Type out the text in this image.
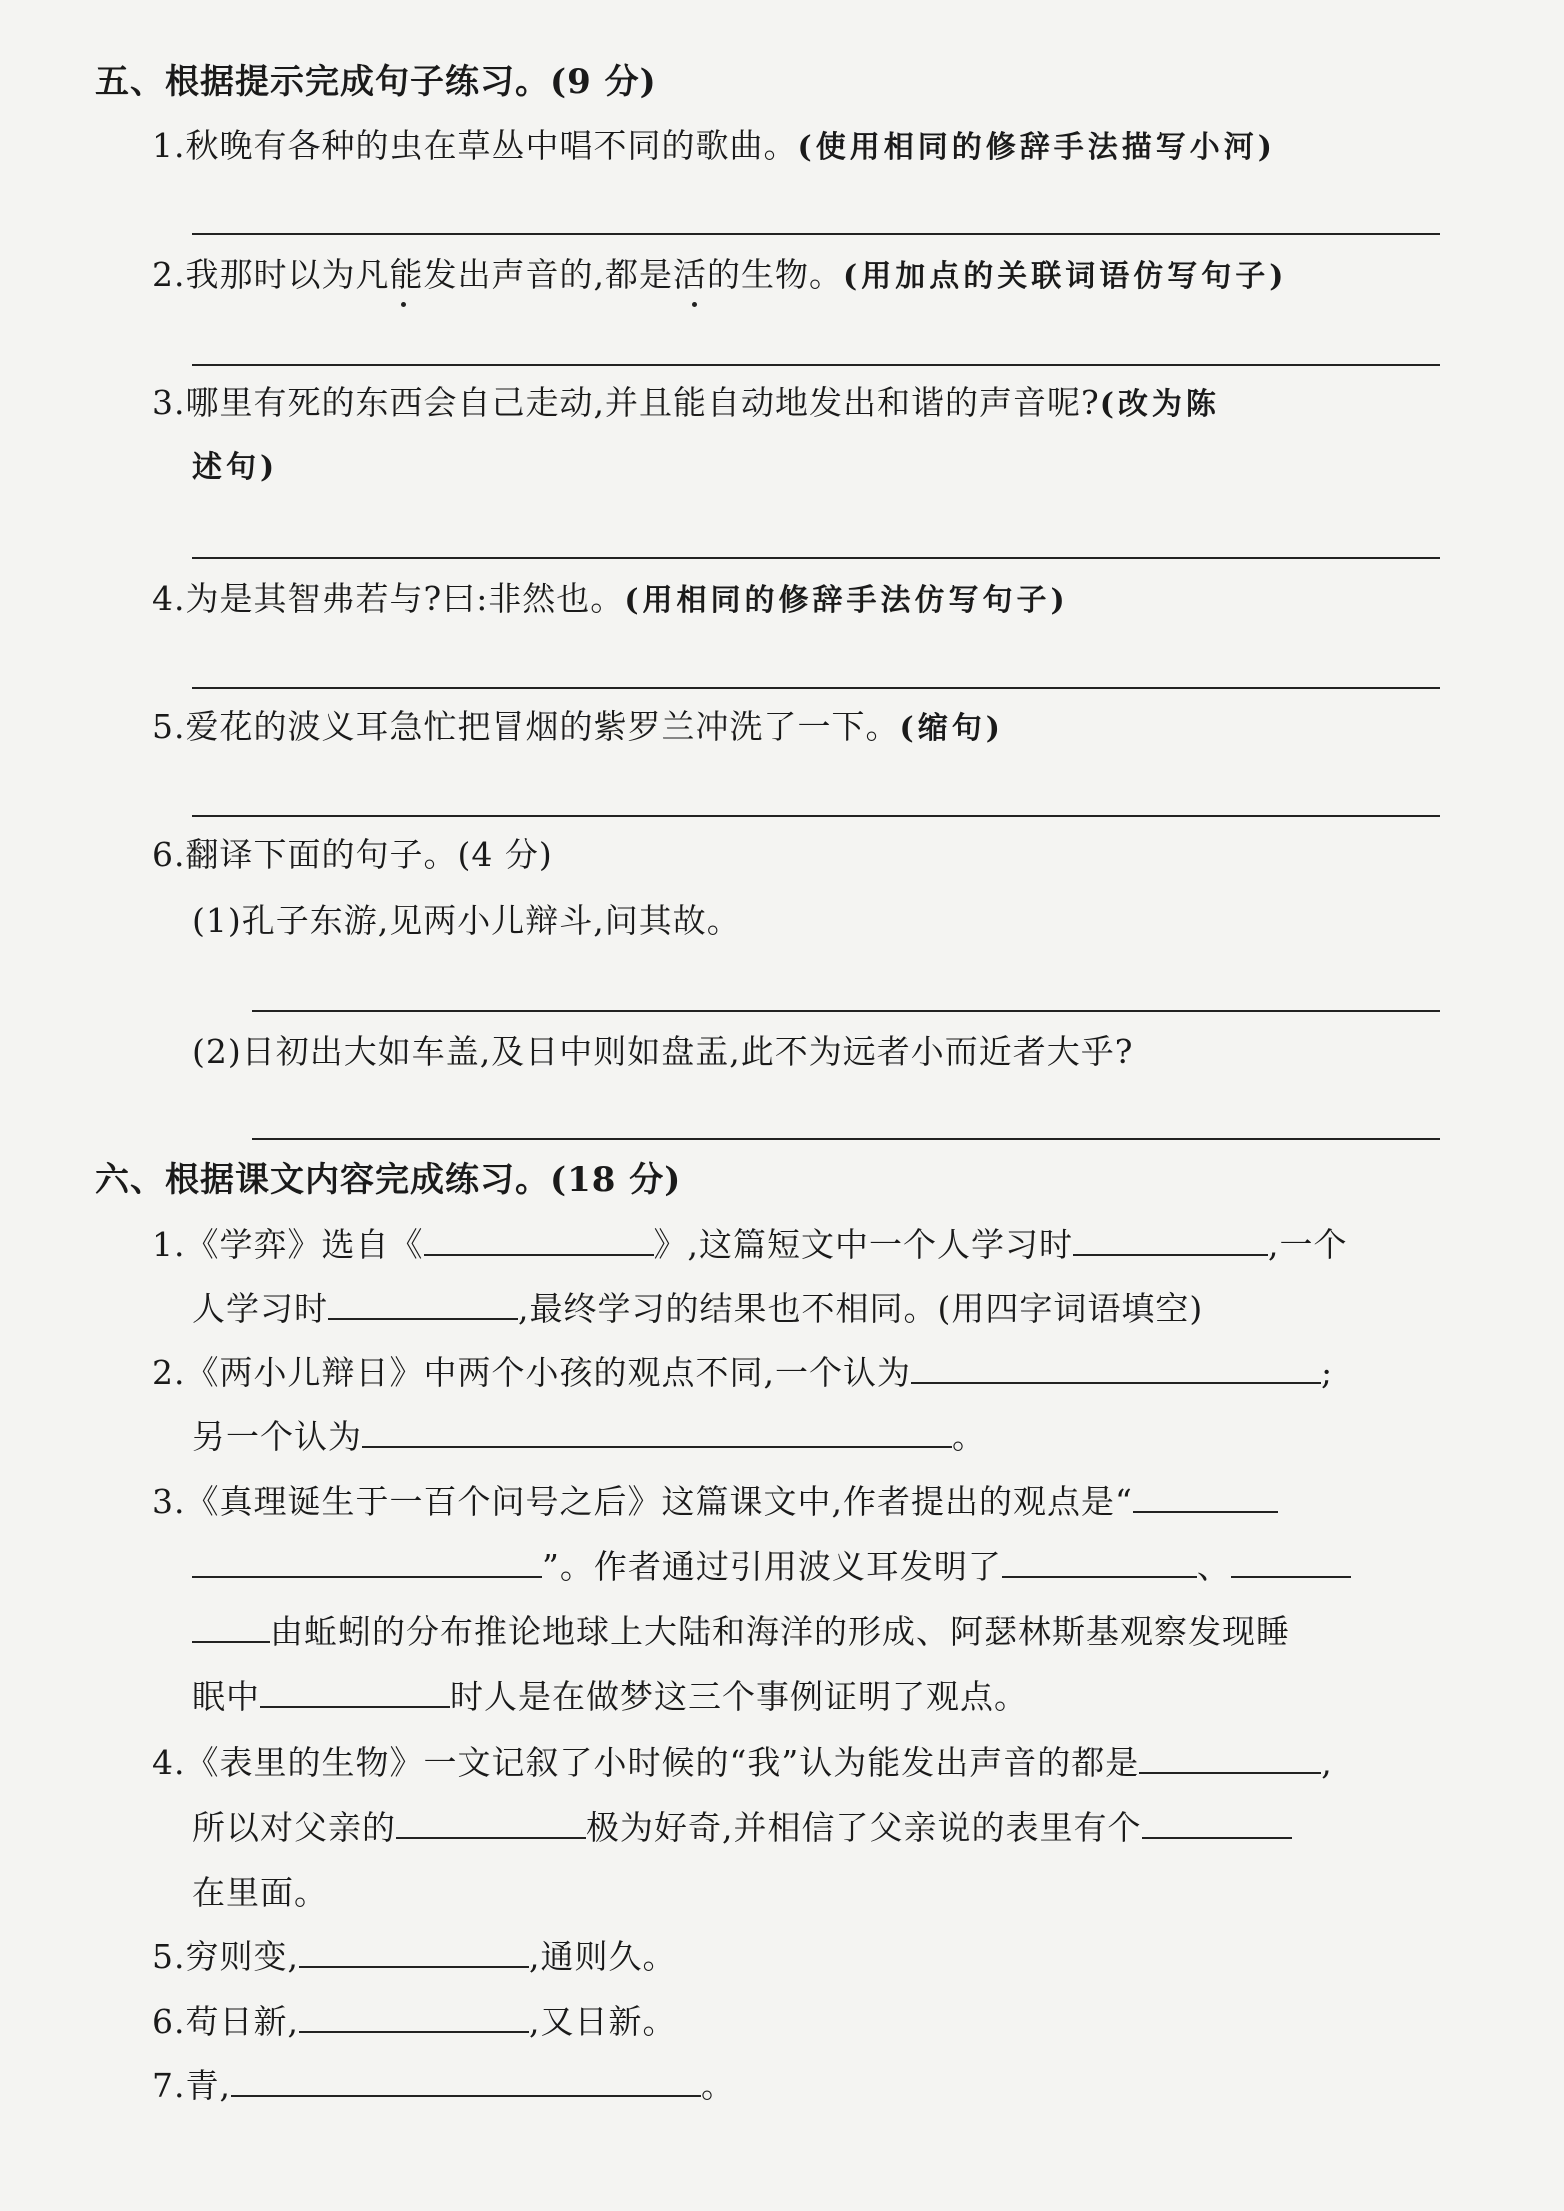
五、根据提示完成句子练习。(9 分)
1.秋晚有各种的虫在草丛中唱不同的歌曲。(使用相同的修辞手法描写小河)
2.我那时以为凡能发出声音的,都是活的生物。(用加点的关联词语仿写句子)
3.哪里有死的东西会自己走动,并且能自动地发出和谐的声音呢?(改为陈
述句)
4.为是其智弗若与?曰:非然也。(用相同的修辞手法仿写句子)
5.爱花的波义耳急忙把冒烟的紫罗兰冲洗了一下。(缩句)
6.翻译下面的句子。(4 分)
(1)孔子东游,见两小儿辩斗,问其故。
(2)日初出大如车盖,及日中则如盘盂,此不为远者小而近者大乎?
六、根据课文内容完成练习。(18 分)
1.《学弈》选自《	》,这篇短文中一个人学习时	,一个
人学习时	,最终学习的结果也不相同。(用四字词语填空)
2.《两小儿辩日》中两个小孩的观点不同,一个认为	;
另一个认为	。
3.《真理诞生于一百个问号之后》这篇课文中,作者提出的观点是“
”。作者通过引用波义耳发明了	、
由蚯蚓的分布推论地球上大陆和海洋的形成、阿瑟林斯基观察发现睡
眠中	时人是在做梦这三个事例证明了观点。
4.《表里的生物》一文记叙了小时候的“我”认为能发出声音的都是	,
所以对父亲的	极为好奇,并相信了父亲说的表里有个
在里面。
5.穷则变,	,通则久。
6.苟日新,	,又日新。
7.青,	。
